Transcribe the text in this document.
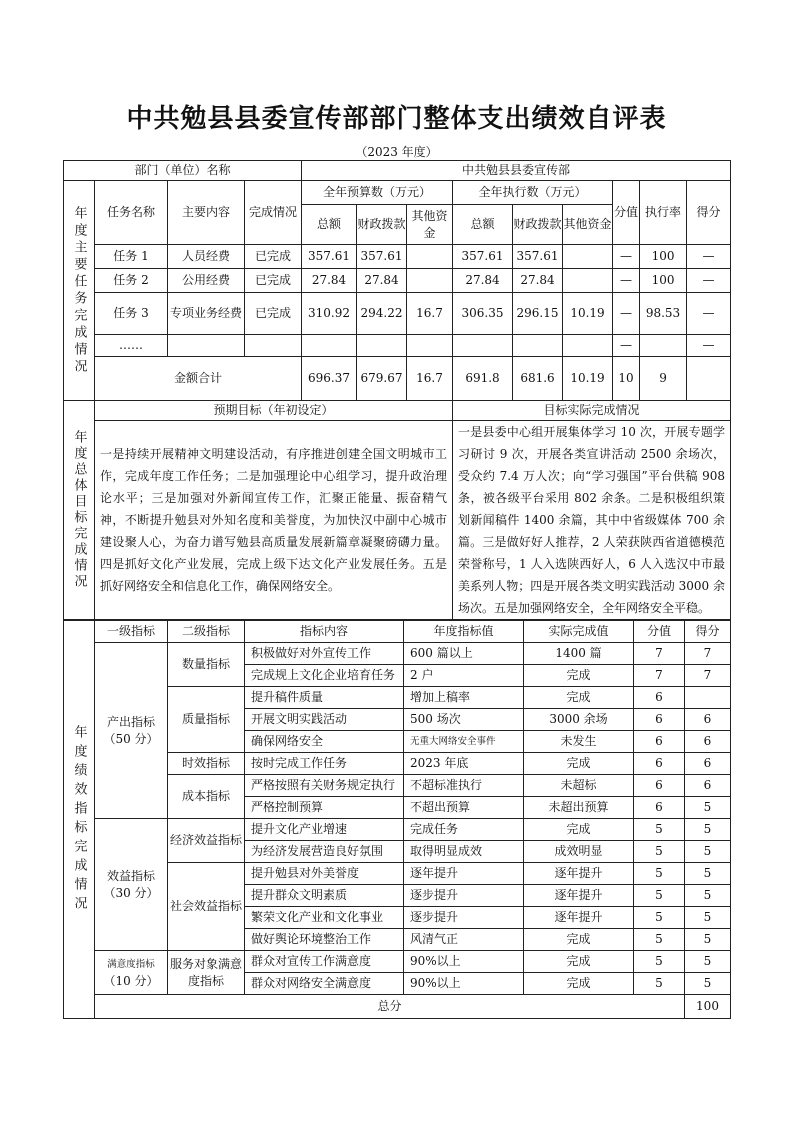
中共勉县县委宣传部部门整体支出绩效自评表
（2023 年度）
部门（单位）名称				中共勉县县委宣传部								
年度主要任务完成情况	任务名称	主要内容	完成情况	全年预算数（万元）			全年执行数（万元）			分值	执行率	得分
				总额	财政拨款	其他资金	总额	财政拨款	其他资金			
	任务 1	人员经费	已完成	357.61	357.61		357.61	357.61		—	100	—
	任务 2	公用经费	已完成	27.84	27.84		27.84	27.84		—	100	—
	任务 3	专项业务经费	已完成	310.92	294.22	16.7	306.35	296.15	10.19	—	98.53	—
	……									—		—
	金额合计			696.37	679.67	16.7	691.8	681.6	10.19	10	9	

年度总体目标完成情况	预期目标（年初设定）						目标实际完成情况					
	一是持续开展精神文明建设活动，有序推进创建全国文明城市工作，完成年度工作任务；二是加强理论中心组学习，提升政治理论水平；三是加强对外新闻宣传工作，汇聚正能量、振奋精气神，不断提升勉县对外知名度和美誉度，为加快汉中副中心城市建设聚人心，为奋力谱写勉县高质量发展新篇章凝聚磅礴力量。四是抓好文化产业发展，完成上级下达文化产业发展任务。五是抓好网络安全和信息化工作，确保网络安全。						一是县委中心组开展集体学习 10 次，开展专题学习研讨 9 次，开展各类宣讲活动 2500 余场次，受众约 7.4 万人次；向“学习强国”平台供稿 908 条，被各级平台采用 802 余条。二是积极组织策划新闻稿件 1400 余篇，其中中省级媒体 700 余篇。三是做好好人推荐，2 人荣获陕西省道德模范荣誉称号，1 人入选陕西好人，6 人入选汉中市最美系列人物；四是开展各类文明实践活动 3000 余场次。五是加强网络安全，全年网络安全平稳。					
年度绩效指标完成情况	一级指标	二级指标	指标内容	年度指标值	实际完成值	分值	得分	
	产出指标
（50 分）	数量指标	积极做好对外宣传工作	600 篇以上	1400 篇	7	7	
			完成规上文化企业培育任务	2 户	完成	7	7	
		质量指标	提升稿件质量	增加上稿率	完成	6		
			开展文明实践活动	500 场次	3000 余场	6	6	
			确保网络安全	无重大网络安全事件	未发生	6	6	
		时效指标	按时完成工作任务	2023 年底	完成	6	6	
		成本指标	严格按照有关财务规定执行	不超标准执行	未超标	6	6	
			严格控制预算	不超出预算	未超出预算	6	5	
	效益指标
（30 分）	经济效益指标	提升文化产业增速	完成任务	完成	5	5	
			为经济发展营造良好氛围	取得明显成效	成效明显	5	5	
		社会效益指标	提升勉县对外美誉度	逐年提升	逐年提升	5	5	
			提升群众文明素质	逐步提升	逐年提升	5	5	
			繁荣文化产业和文化事业	逐步提升	逐年提升	5	5	
			做好舆论环境整治工作	风清气正	完成	5	5	
	满意度指标
（10 分）	服务对象满意度指标	群众对宣传工作满意度	90%以上	完成	5	5	
			群众对网络安全满意度	90%以上	完成	5	5	
	总分						100	
